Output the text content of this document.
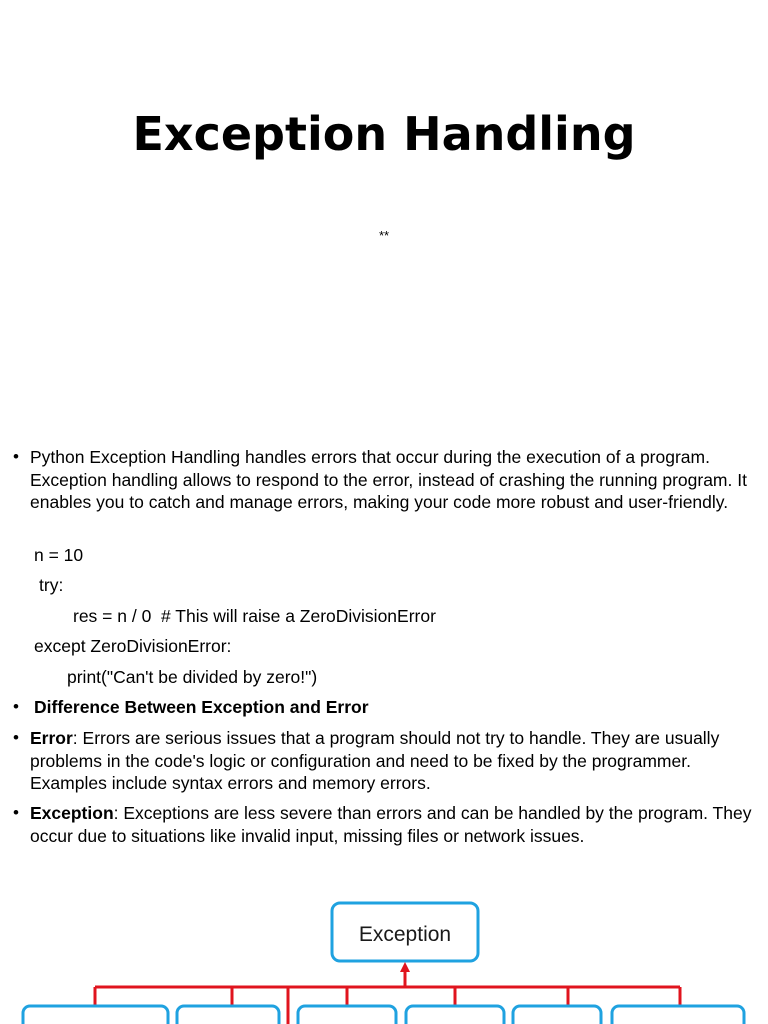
Exception Handling
**
• Python Exception Handling handles errors that occur during the execution of a program. Exception handling allows to respond to the error, instead of crashing the running program. It enables you to catch and manage errors, making your code more robust and user-friendly.
n = 10
try:
res = n / 0  # This will raise a ZeroDivisionError
except ZeroDivisionError:
print("Can't be divided by zero!")
• Difference Between Exception and Error
• Error: Errors are serious issues that a program should not try to handle. They are usually problems in the code's logic or configuration and need to be fixed by the programmer. Examples include syntax errors and memory errors.
• Exception: Exceptions are less severe than errors and can be handled by the program. They occur due to situations like invalid input, missing files or network issues.
Exception
